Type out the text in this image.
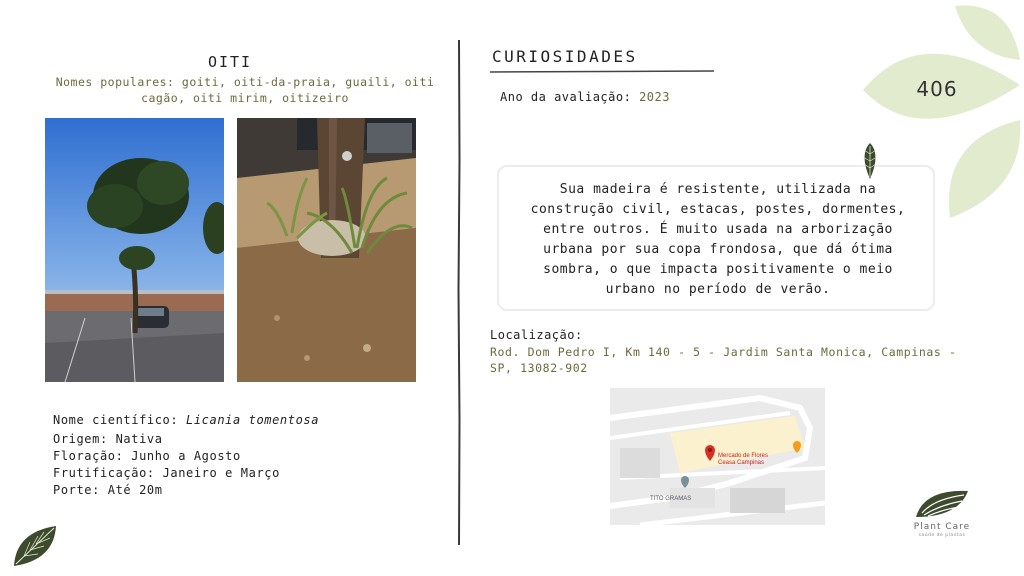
OITI
Nomes populares: goiti, oiti-da-praia, guaili, oiti cagão, oiti mirim, oitizeiro
Nome científico: Licania tomentosa
Origem: Nativa
Floração: Junho a Agosto
Frutificação: Janeiro e Março
Porte: Até 20m
CURIOSIDADES
Ano da avaliação: 2023
Sua madeira é resistente, utilizada na construção civil, estacas, postes, dormentes, entre outros. É muito usada na arborização urbana por sua copa frondosa, que dá ótima sombra, o que impacta positivamente o meio urbano no período de verão.
Localização:
Rod. Dom Pedro I, Km 140 - 5 - Jardim Santa Monica, Campinas - SP, 13082-902
Mercado de Flores
Ceasa Campinas
TITO GRAMAS
406
Plant Care
saúde de plantas
